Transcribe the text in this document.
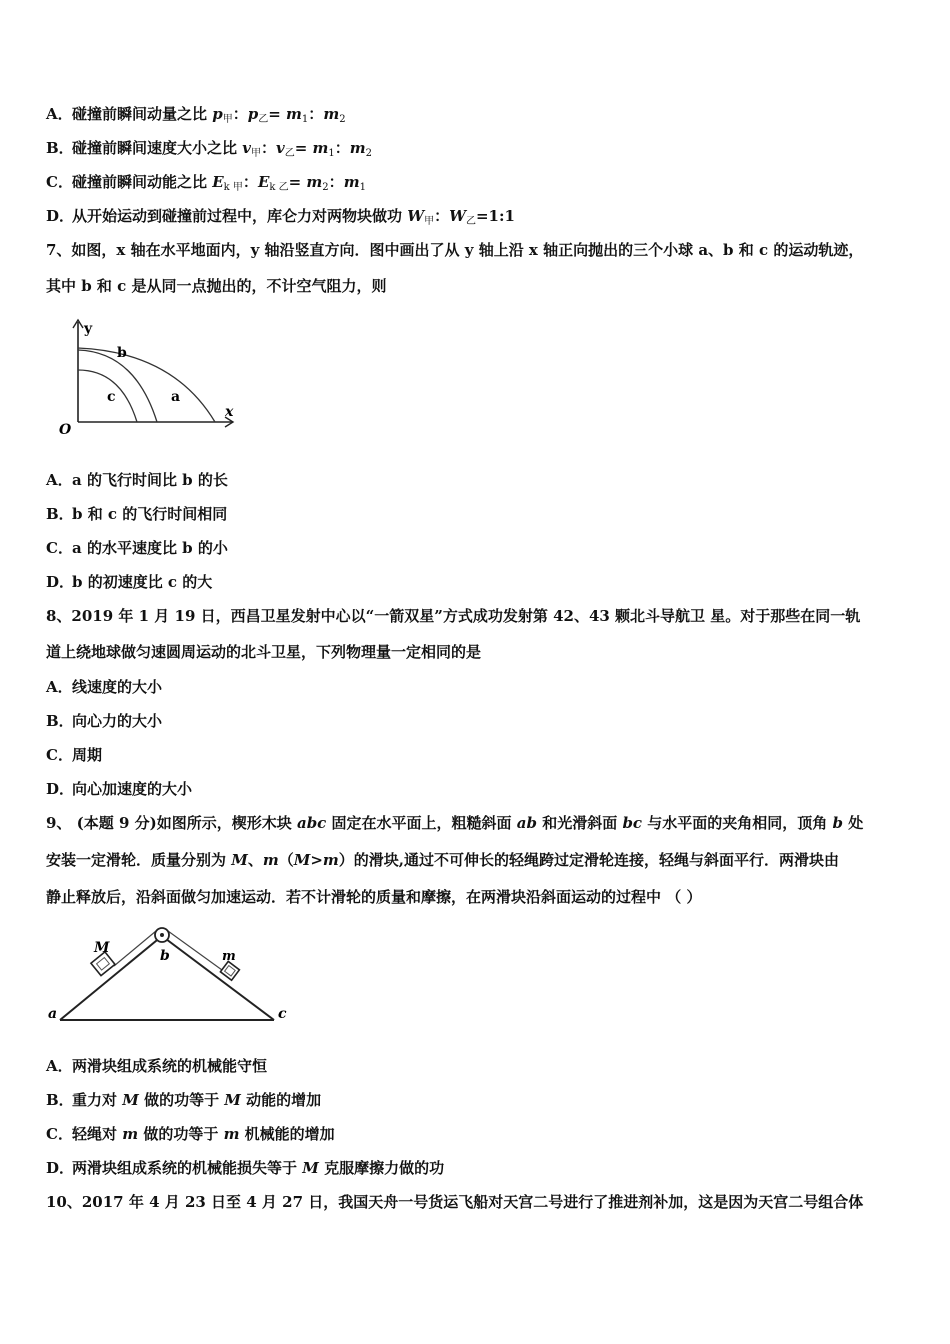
A．碰撞前瞬间动量之比 $p_甲$：$p_乙= m_1$：$m_2$
B．碰撞前瞬间速度大小之比 $v_甲$：$v_乙= m_1$：$m_2$
C．碰撞前瞬间动能之比 $E_{k 甲}$：$E_{k 乙}= m_2$：$m_1$
D．从开始运动到碰撞前过程中，库仑力对两物块做功 $W_甲$：$W_乙=1:1$
7、如图，x 轴在水平地面内，y 轴沿竖直方向．图中画出了从 y 轴上沿 x 轴正向抛出的三个小球 a、b 和 c 的运动轨迹，
其中 b 和 c 是从同一点抛出的，不计空气阻力，则
y
x
O
b
c	a
A．a 的飞行时间比 b 的长
B．b 和 c 的飞行时间相同
C．a 的水平速度比 b 的小
D．b 的初速度比 c 的大
8、2019 年 1 月 19 日，西昌卫星发射中心以“一箭双星”方式成功发射第 42、43 颗北斗导航卫 星。对于那些在同一轨
道上绕地球做匀速圆周运动的北斗卫星，下列物理量一定相同的是
A．线速度的大小
B．向心力的大小
C．周期
D．向心加速度的大小
9、 (本题 9 分)如图所示，楔形木块 abc 固定在水平面上，粗糙斜面 ab 和光滑斜面 bc 与水平面的夹角相同，顶角 b 处
安装一定滑轮．质量分别为 M、m（M>m）的滑块,通过不可伸长的轻绳跨过定滑轮连接，轻绳与斜面平行．两滑块由
静止释放后，沿斜面做匀加速运动．若不计滑轮的质量和摩擦，在两滑块沿斜面运动的过程中 （ ）
a	c
b
M
m
A．两滑块组成系统的机械能守恒
B．重力对 M 做的功等于 M 动能的增加
C．轻绳对 m 做的功等于 m 机械能的增加
D．两滑块组成系统的机械能损失等于 M 克服摩擦力做的功
10、2017 年 4 月 23 日至 4 月 27 日，我国天舟一号货运飞船对天宫二号进行了推进剂补加，这是因为天宫二号组合体
